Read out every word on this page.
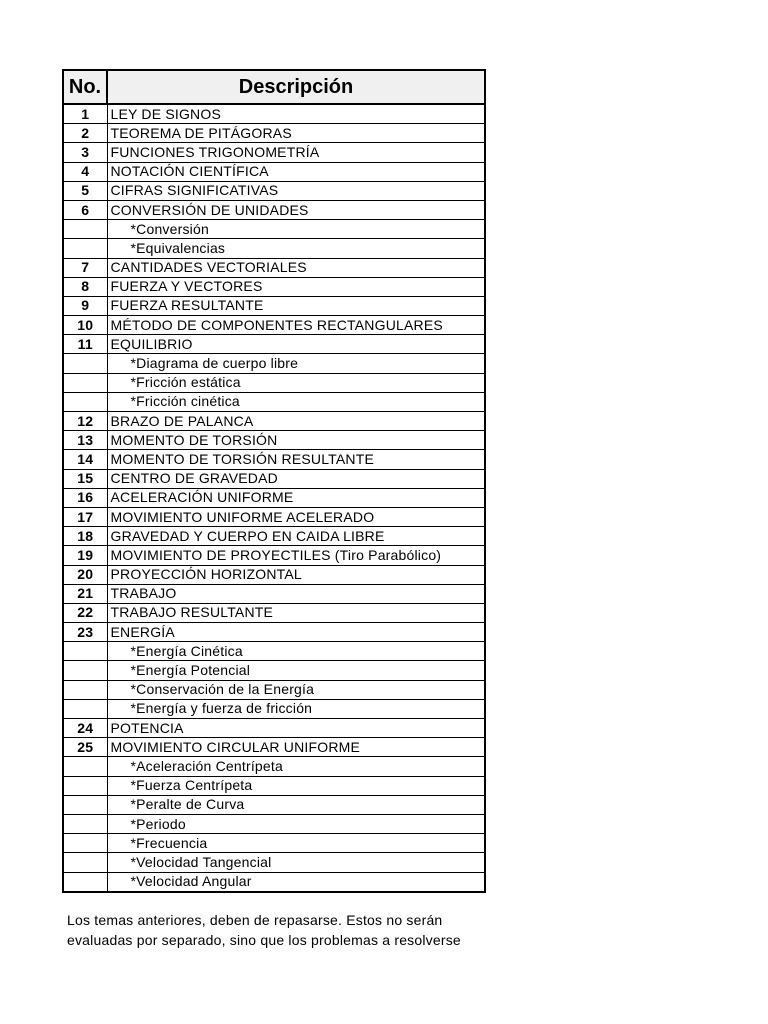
No.	Descripción
1	LEY DE SIGNOS
2	TEOREMA DE PITÁGORAS
3	FUNCIONES TRIGONOMETRÍA
4	NOTACIÓN CIENTÍFICA
5	CIFRAS SIGNIFICATIVAS
6	CONVERSIÓN DE UNIDADES
	*Conversión
	*Equivalencias
7	CANTIDADES VECTORIALES
8	FUERZA Y VECTORES
9	FUERZA RESULTANTE
10	MÉTODO DE COMPONENTES RECTANGULARES
11	EQUILIBRIO
	*Diagrama de cuerpo libre
	*Fricción estática
	*Fricción cinética
12	BRAZO DE PALANCA
13	MOMENTO DE TORSIÓN
14	MOMENTO DE TORSIÓN RESULTANTE
15	CENTRO DE GRAVEDAD
16	ACELERACIÓN UNIFORME
17	MOVIMIENTO UNIFORME ACELERADO
18	GRAVEDAD Y CUERPO EN CAIDA LIBRE
19	MOVIMIENTO DE PROYECTILES (Tiro Parabólico)
20	PROYECCIÓN HORIZONTAL
21	TRABAJO
22	TRABAJO RESULTANTE
23	ENERGÍA
	*Energía Cinética
	*Energía Potencial
	*Conservación de la Energía
	*Energía y fuerza de fricción
24	POTENCIA
25	MOVIMIENTO CIRCULAR UNIFORME
	*Aceleración Centrípeta
	*Fuerza Centrípeta
	*Peralte de Curva
	*Periodo
	*Frecuencia
	*Velocidad Tangencial
	*Velocidad Angular

Los temas anteriores, deben de repasarse. Estos no serán

evaluadas por separado, sino que los problemas a resolverse
